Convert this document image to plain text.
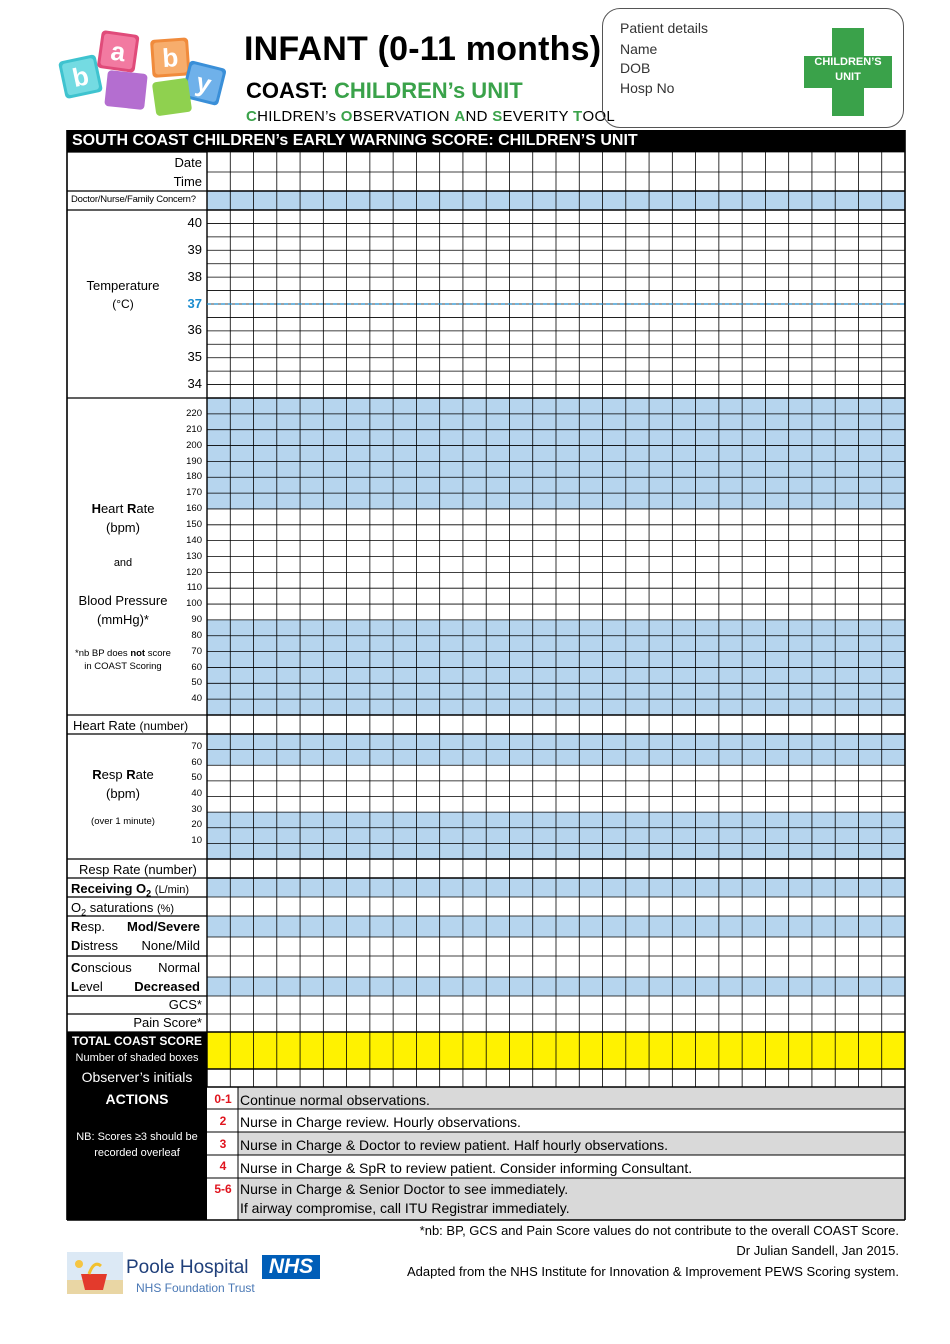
b
a b
y
INFANT (0-11 months)
COAST: CHILDREN’s UNIT
CHILDREN’s OBSERVATION AND SEVERITY TOOL
Patient details
Name
DOB
Hosp No
CHILDREN’S
UNIT
SOUTH COAST CHILDREN’s EARLY WARNING SCORE: CHILDREN’S UNIT
Date
Time
Doctor/Nurse/Family Concern?
Temperature
(°C)
40
39
38
37
36
35
34
Heart Rate
(bpm)
and
Blood Pressure
(mmHg)*
*nb BP does not score
in COAST Scoring
220
210
200
190
180
170
160
150
140
130
120
110
100
90
80
70
60
50
40
Heart Rate (number)
Resp Rate
(bpm)
(over 1 minute)
70
60
50
40
30
20
10
Resp Rate (number)
Receiving $O_2$ (L/min)
$O_2$ saturations (%)
Resp.	Mod/Severe
Distress	None/Mild
Conscious	Normal
Level	Decreased
GCS*
Pain Score*
TOTAL COAST SCORE
Number of shaded boxes
Observer’s initials
ACTIONS
NB: Scores ≥3 should be recorded overleaf
0-1 Continue normal observations.
2 Nurse in Charge review. Hourly observations.
3 Nurse in Charge & Doctor to review patient. Half hourly observations.
4 Nurse in Charge & SpR to review patient. Consider informing Consultant.
5-6 Nurse in Charge & Senior Doctor to see immediately.
If airway compromise, call ITU Registrar immediately.
*nb: BP, GCS and Pain Score values do not contribute to the overall COAST Score.
Dr Julian Sandell, Jan 2015.
Adapted from the NHS Institute for Innovation & Improvement PEWS Scoring system.
Poole Hospital
NHS Foundation Trust
NHS
